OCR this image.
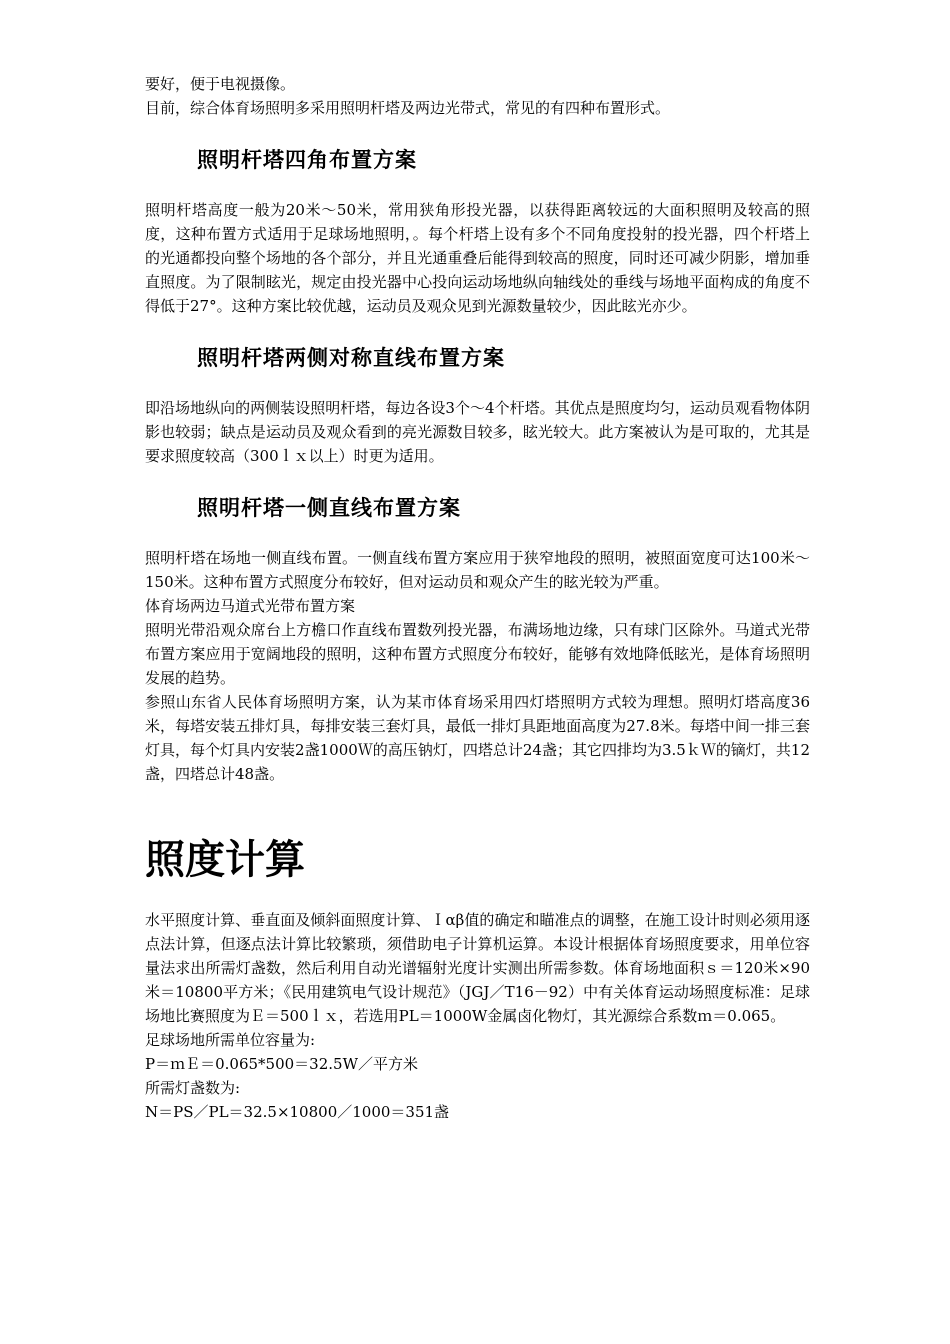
要好，便于电视摄像。

目前，综合体育场照明多采用照明杆塔及两边光带式，常见的有四种布置形式。

照明杆塔四角布置方案

照明杆塔高度一般为20米～50米，常用狭角形投光器，以获得距离较远的大面积照明及较高的照度，这种布置方式适用于足球场地照明，。每个杆塔上设有多个不同角度投射的投光器，四个杆塔上的光通都投向整个场地的各个部分，并且光通重叠后能得到较高的照度，同时还可减少阴影，增加垂直照度。为了限制眩光，规定由投光器中心投向运动场地纵向轴线处的垂线与场地平面构成的角度不得低于27°。这种方案比较优越，运动员及观众见到光源数量较少，因此眩光亦少。

照明杆塔两侧对称直线布置方案

即沿场地纵向的两侧装设照明杆塔，每边各设3个～4个杆塔。其优点是照度均匀，运动员观看物体阴影也较弱；缺点是运动员及观众看到的亮光源数目较多，眩光较大。此方案被认为是可取的，尤其是要求照度较高（300ｌｘ以上）时更为适用。

照明杆塔一侧直线布置方案

照明杆塔在场地一侧直线布置。一侧直线布置方案应用于狭窄地段的照明，被照面宽度可达100米～150米。这种布置方式照度分布较好，但对运动员和观众产生的眩光较为严重。

体育场两边马道式光带布置方案

照明光带沿观众席台上方檐口作直线布置数列投光器，布满场地边缘，只有球门区除外。马道式光带布置方案应用于宽阔地段的照明，这种布置方式照度分布较好，能够有效地降低眩光，是体育场照明发展的趋势。

参照山东省人民体育场照明方案，认为某市体育场采用四灯塔照明方式较为理想。照明灯塔高度36米，每塔安装五排灯具，每排安装三套灯具，最低一排灯具距地面高度为27.8米。每塔中间一排三套灯具，每个灯具内安装2盏1000Ｗ的高压钠灯，四塔总计24盏；其它四排均为3.5ｋＷ的镝灯，共12盏，四塔总计48盏。

照度计算

水平照度计算、垂直面及倾斜面照度计算、Ｉαβ值的确定和瞄准点的调整，在施工设计时则必须用逐点法计算，但逐点法计算比较繁琐，须借助电子计算机运算。本设计根据体育场照度要求，用单位容量法求出所需灯盏数，然后利用自动光谱辐射光度计实测出所需参数。体育场地面积ｓ＝120米×90米＝10800平方米；《民用建筑电气设计规范》（JGJ／T16－92）中有关体育运动场照度标准：足球场地比赛照度为Ｅ＝500ｌｘ，若选用PL＝1000W金属卤化物灯，其光源综合系数ｍ＝0.065。

足球场地所需单位容量为:

P＝ｍＥ＝0.065*500＝32.5W／平方米

所需灯盏数为:

N＝PS／PL＝32.5×10800／1000＝351盏
